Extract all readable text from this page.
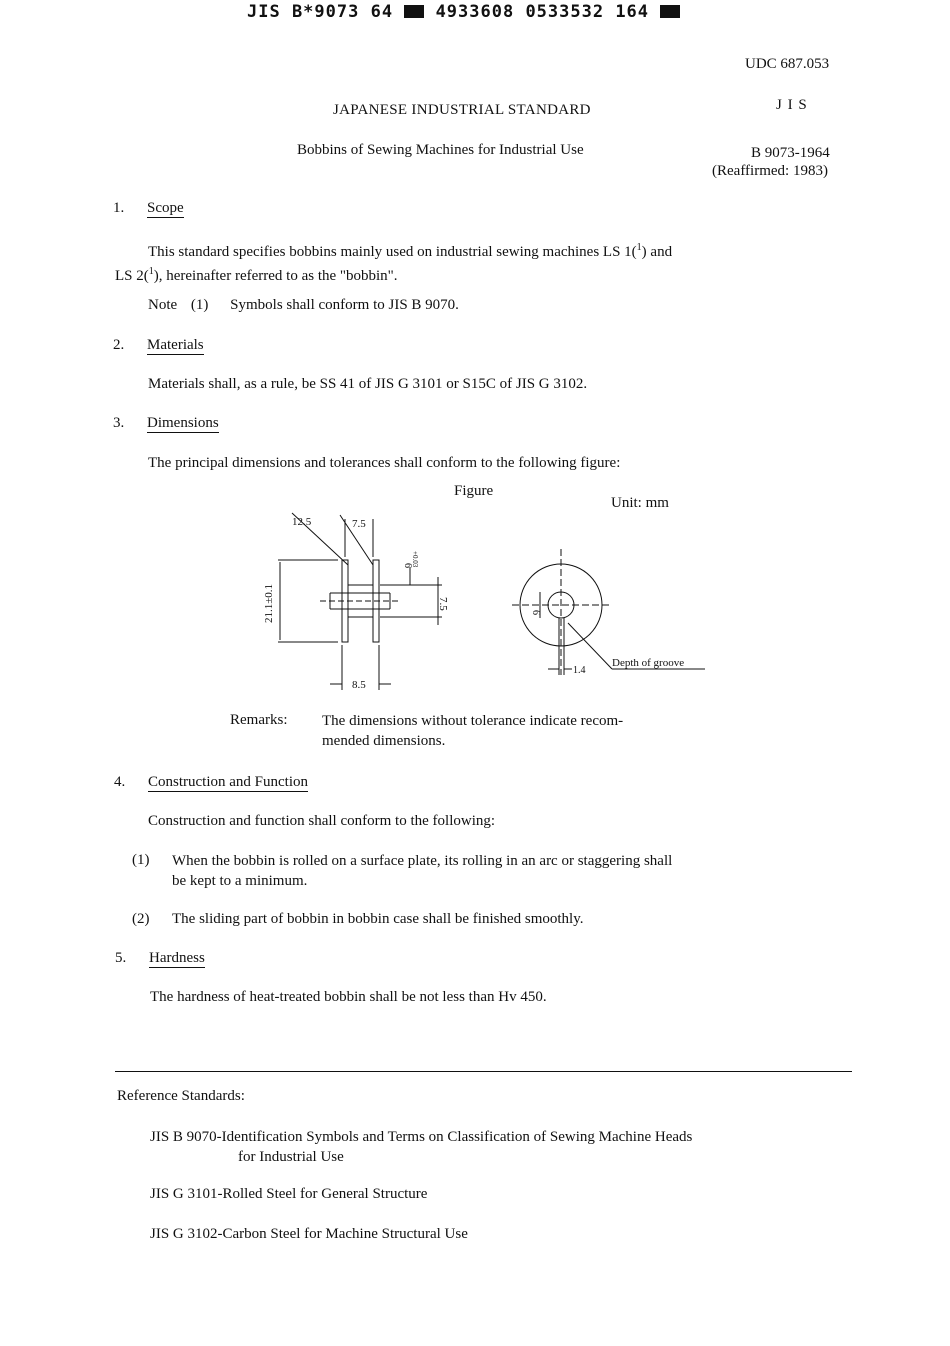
JIS B*9073 64	4933608 0533532 164
UDC 687.053
JAPANESE INDUSTRIAL STANDARD	J I S
Bobbins of Sewing Machines for Industrial Use	B 9073-1964
(Reaffirmed: 1983)
1. Scope

This standard specifies bobbins mainly used on industrial sewing machines LS 1($^1$) and

LS 2($^1$), hereinafter referred to as the "bobbin".

Note (1) Symbols shall conform to JIS B 9070.
2. Materials
Materials shall, as a rule, be SS 41 of JIS G 3101 or S15C of JIS G 3102.
3. Dimensions
The principal dimensions and tolerances shall conform to the following figure:
Figure
Unit: mm
12.5	7.5
21.1±0.1
6
+0.03
7.5
8.5
6
1.4
Depth of groove
Remarks: The dimensions without tolerance indicate recom-

mended dimensions.

4. Construction and Function
Construction and function shall conform to the following:
(1) When the bobbin is rolled on a surface plate, its rolling in an arc or staggering shall

be kept to a minimum.

(2) The sliding part of bobbin in bobbin case shall be finished smoothly.
5. Hardness
The hardness of heat-treated bobbin shall be not less than Hv 450.
Reference Standards:

JIS B 9070-Identification Symbols and Terms on Classification of Sewing Machine Heads

for Industrial Use

JIS G 3101-Rolled Steel for General Structure
JIS G 3102-Carbon Steel for Machine Structural Use
